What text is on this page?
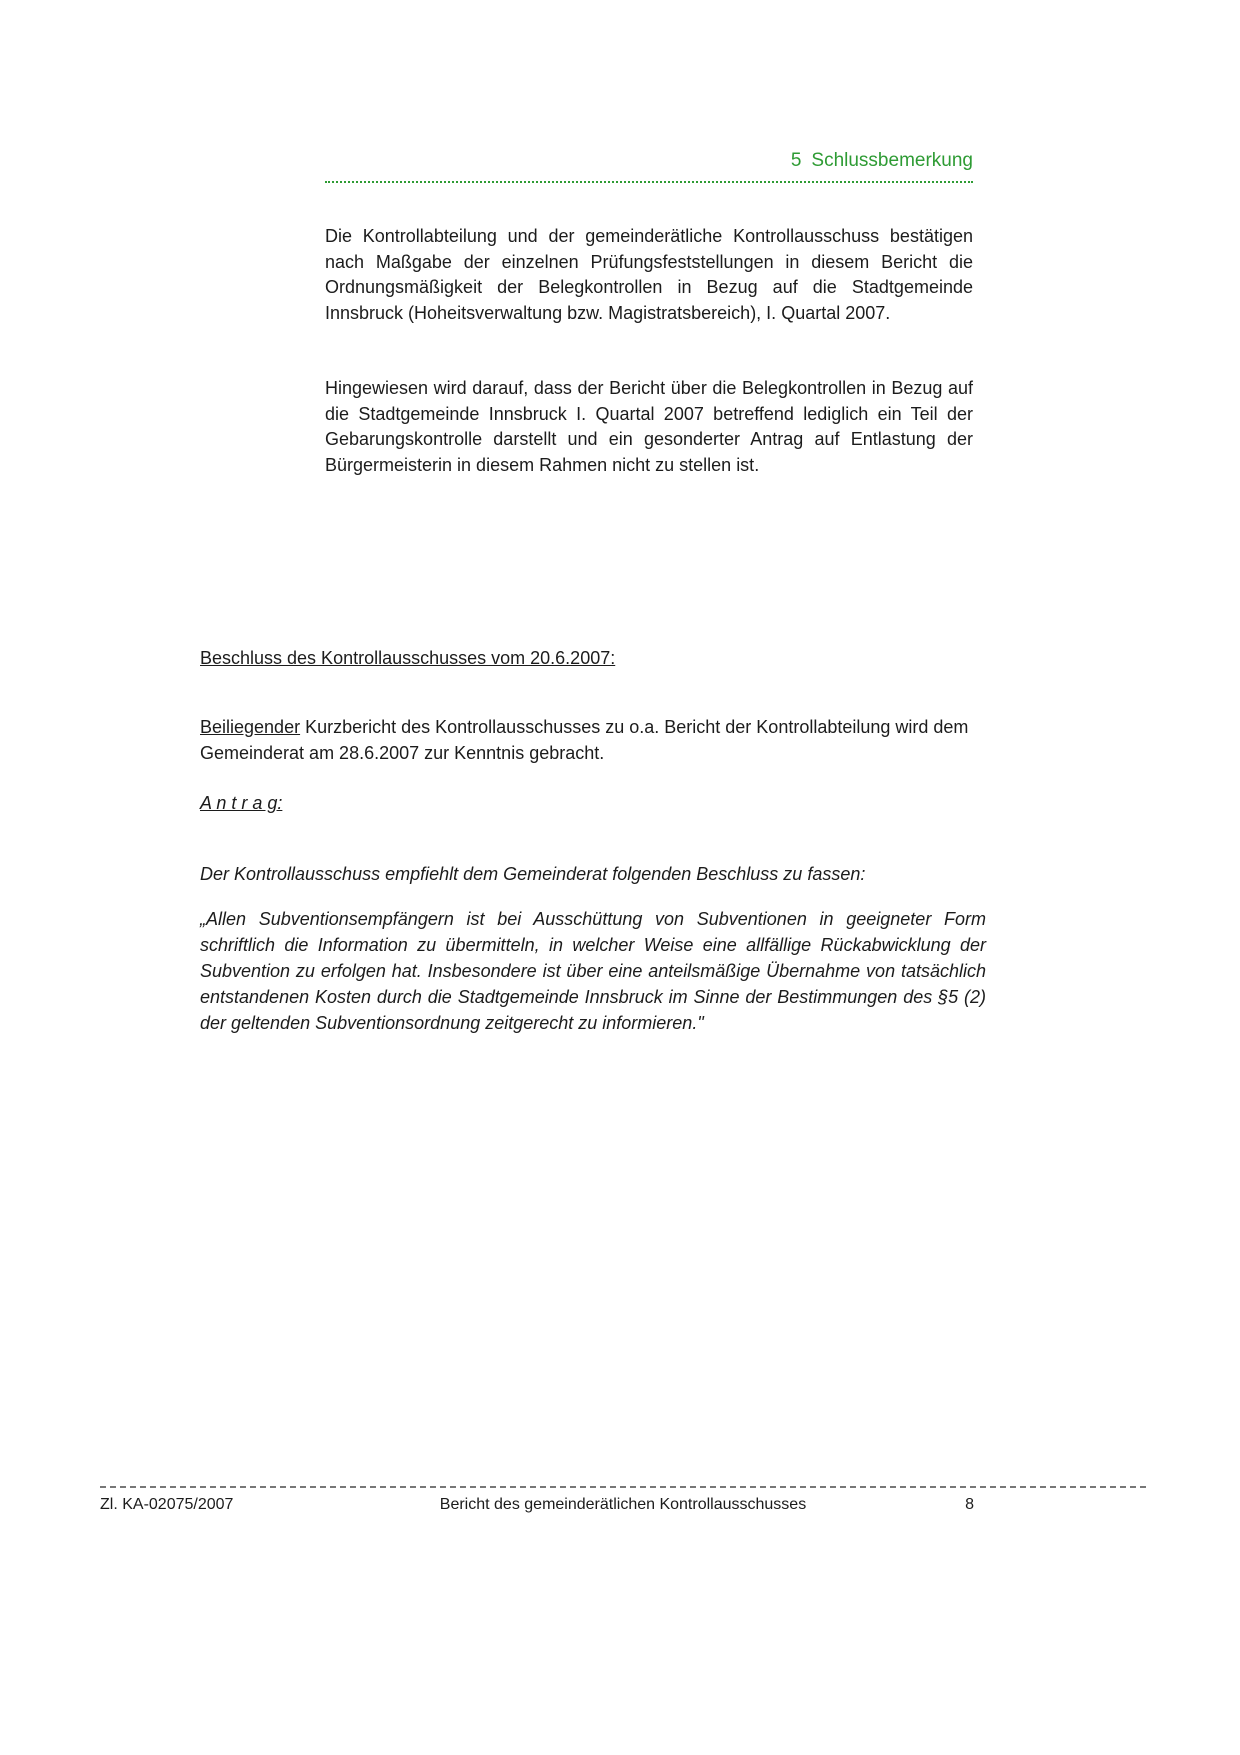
5 Schlussbemerkung

Die Kontrollabteilung und der gemeinderätliche Kontrollausschuss bestätigen nach Maßgabe der einzelnen Prüfungsfeststellungen in diesem Bericht die Ordnungsmäßigkeit der Belegkontrollen in Bezug auf die Stadtgemeinde Innsbruck (Hoheitsverwaltung bzw. Magistratsbereich), I. Quartal 2007.

Hingewiesen wird darauf, dass der Bericht über die Belegkontrollen in Bezug auf die Stadtgemeinde Innsbruck I. Quartal 2007 betreffend lediglich ein Teil der Gebarungskontrolle darstellt und ein gesonderter Antrag auf Entlastung der Bürgermeisterin in diesem Rahmen nicht zu stellen ist.

Beschluss des Kontrollausschusses vom 20.6.2007:

Beiliegender Kurzbericht des Kontrollausschusses zu o.a. Bericht der Kontrollabteilung wird dem Gemeinderat am 28.6.2007 zur Kenntnis gebracht.

A n t r a g:

Der Kontrollausschuss empfiehlt dem Gemeinderat folgenden Beschluss zu fassen:

„Allen Subventionsempfängern ist bei Ausschüttung von Subventionen in geeigneter Form schriftlich die Information zu übermitteln, in welcher Weise eine allfällige Rückabwicklung der Subvention zu erfolgen hat. Insbesondere ist über eine anteilsmäßige Übernahme von tatsächlich entstandenen Kosten durch die Stadtgemeinde Innsbruck im Sinne der Bestimmungen des §5 (2) der geltenden Subventionsordnung zeitgerecht zu informieren."

Zl. KA-02075/2007	Bericht des gemeinderätlichen Kontrollausschusses	8
